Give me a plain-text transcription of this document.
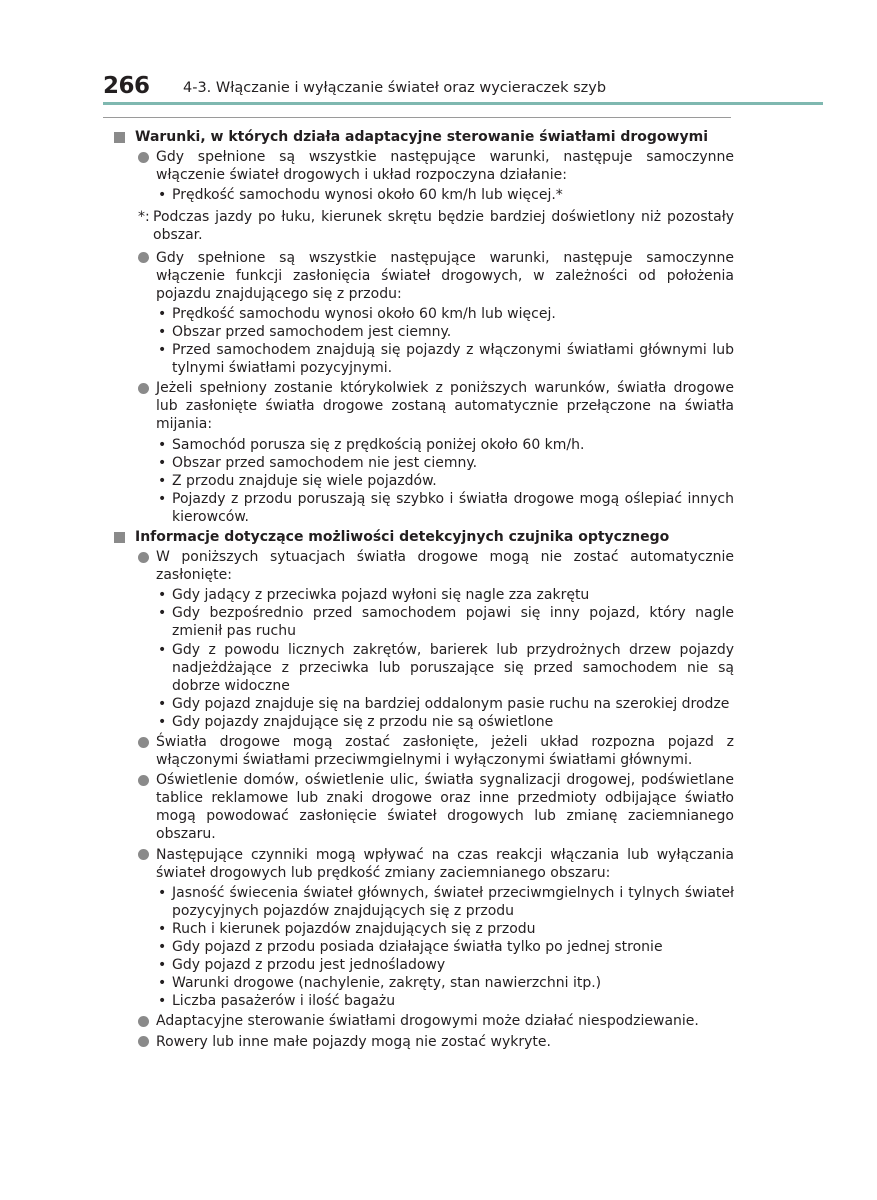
266 4-3. Włączanie i wyłączanie świateł oraz wycieraczek szyb
Warunki, w których działa adaptacyjne sterowanie światłami drogowymi
Gdy spełnione są wszystkie następujące warunki, następuje samoczynne włączenie świateł drogowych i układ rozpoczyna działanie:
• Prędkość samochodu wynosi około 60 km/h lub więcej.*
*: Podczas jazdy po łuku, kierunek skrętu będzie bardziej doświetlony niż pozostały obszar.
Gdy spełnione są wszystkie następujące warunki, następuje samoczynne włączenie funkcji zasłonięcia świateł drogowych, w zależności od położenia pojazdu znajdującego się z przodu:
• Prędkość samochodu wynosi około 60 km/h lub więcej.
• Obszar przed samochodem jest ciemny.
• Przed samochodem znajdują się pojazdy z włączonymi światłami głównymi lub tylnymi światłami pozycyjnymi.
Jeżeli spełniony zostanie którykolwiek z poniższych warunków, światła drogowe lub zasłonięte światła drogowe zostaną automatycznie przełączone na światła mijania:
• Samochód porusza się z prędkością poniżej około 60 km/h.
• Obszar przed samochodem nie jest ciemny.
• Z przodu znajduje się wiele pojazdów.
• Pojazdy z przodu poruszają się szybko i światła drogowe mogą oślepiać innych kierowców.
Informacje dotyczące możliwości detekcyjnych czujnika optycznego
W poniższych sytuacjach światła drogowe mogą nie zostać automatycznie zasłonięte:
• Gdy jadący z przeciwka pojazd wyłoni się nagle zza zakrętu
• Gdy bezpośrednio przed samochodem pojawi się inny pojazd, który nagle zmienił pas ruchu
• Gdy z powodu licznych zakrętów, barierek lub przydrożnych drzew pojazdy nadjeżdżające z przeciwka lub poruszające się przed samochodem nie są dobrze widoczne
• Gdy pojazd znajduje się na bardziej oddalonym pasie ruchu na szerokiej drodze
• Gdy pojazdy znajdujące się z przodu nie są oświetlone
Światła drogowe mogą zostać zasłonięte, jeżeli układ rozpozna pojazd z włączonymi światłami przeciwmgielnymi i wyłączonymi światłami głównymi.
Oświetlenie domów, oświetlenie ulic, światła sygnalizacji drogowej, podświetlane tablice reklamowe lub znaki drogowe oraz inne przedmioty odbijające światło mogą powodować zasłonięcie świateł drogowych lub zmianę zaciemnianego obszaru.
Następujące czynniki mogą wpływać na czas reakcji włączania lub wyłączania świateł drogowych lub prędkość zmiany zaciemnianego obszaru:
• Jasność świecenia świateł głównych, świateł przeciwmgielnych i tylnych świateł pozycyjnych pojazdów znajdujących się z przodu
• Ruch i kierunek pojazdów znajdujących się z przodu
• Gdy pojazd z przodu posiada działające światła tylko po jednej stronie
• Gdy pojazd z przodu jest jednośladowy
• Warunki drogowe (nachylenie, zakręty, stan nawierzchni itp.)
• Liczba pasażerów i ilość bagażu
Adaptacyjne sterowanie światłami drogowymi może działać niespodziewanie.
Rowery lub inne małe pojazdy mogą nie zostać wykryte.
